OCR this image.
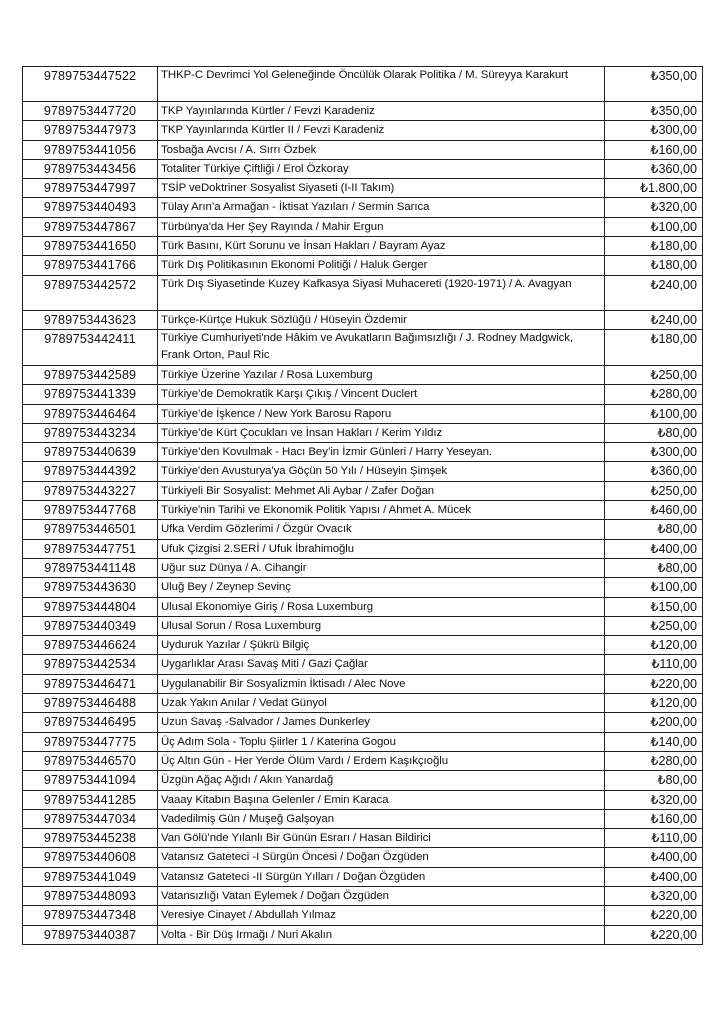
9789753447522	THKP-C Devrimci Yol Geleneğinde Öncülük Olarak Politika / M. Süreyya Karakurt	₺350,00
9789753447720	TKP Yayınlarında Kürtler / Fevzi Karadeniz	₺350,00
9789753447973	TKP Yayınlarında Kürtler II / Fevzi Karadeniz	₺300,00
9789753441056	Tosbağa Avcısı / A. Sırrı Özbek	₺160,00
9789753443456	Totaliter Türkiye Çiftliği / Erol Özkoray	₺360,00
9789753447997	TSİP veDoktriner Sosyalist Siyaseti (I-II Takım)	₺1.800,00
9789753440493	Tülay Arın’a Armağan - İktisat Yazıları / Sermin Sarıca	₺320,00
9789753447867	Türbünya'da Her Şey Rayında / Mahir Ergun	₺100,00
9789753441650	Türk Basını, Kürt Sorunu ve İnsan Hakları / Bayram Ayaz	₺180,00
9789753441766	Türk Dış Politikasının Ekonomi Politiği / Haluk Gerger	₺180,00
9789753442572	Türk Dış Siyasetinde Kuzey Kafkasya Siyasi Muhacereti (1920-1971) / A. Avagyan	₺240,00
9789753443623	Türkçe-Kürtçe Hukuk Sözlüğü / Hüseyin Özdemir	₺240,00
9789753442411	Türkiye Cumhuriyeti'nde Hâkim ve Avukatların Bağımsızlığı / J. Rodney Madgwick, Frank Orton, Paul Ric	₺180,00
9789753442589	Türkiye Üzerine Yazılar / Rosa Luxemburg	₺250,00
9789753441339	Türkiye’de Demokratik Karşı Çıkış / Vincent Duclert	₺280,00
9789753446464	Türkiye’de İşkence / New York Barosu Raporu	₺100,00
9789753443234	Türkiye’de Kürt Çocukları ve İnsan Hakları / Kerim Yıldız	₺80,00
9789753440639	Türkiye’den Kovulmak - Hacı Bey’in İzmir Günleri / Harry Yeseyan.	₺300,00
9789753444392	Türkiye'den Avusturya'ya Göçün 50 Yılı / Hüseyin Şimşek	₺360,00
9789753443227	Türkiyeli Bir Sosyalist: Mehmet Ali Aybar / Zafer Doğan	₺250,00
9789753447768	Türkiye'nin Tarihi ve Ekonomik Politik Yapısı / Ahmet A. Mücek	₺460,00
9789753446501	Ufka Verdim Gözlerimi / Özgür Ovacık	₺80,00
9789753447751	Ufuk Çizgisi 2.SERİ / Ufuk İbrahimoğlu	₺400,00
9789753441148	Uğur suz Dünya / A. Cihangir	₺80,00
9789753443630	Uluğ Bey / Zeynep Sevinç	₺100,00
9789753444804	Ulusal Ekonomiye Giriş / Rosa Luxemburg	₺150,00
9789753440349	Ulusal Sorun / Rosa Luxemburg	₺250,00
9789753446624	Uyduruk Yazılar / Şükrü Bilgiç	₺120,00
9789753442534	Uygarlıklar Arası Savaş Miti / Gazi Çağlar	₺110,00
9789753446471	Uygulanabilir Bir Sosyalizmin İktisadı / Alec Nove	₺220,00
9789753446488	Uzak Yakın Anılar / Vedat Günyol	₺120,00
9789753446495	Uzun Savaş -Salvador / James Dunkerley	₺200,00
9789753447775	Üç Adım Sola - Toplu Şiirler 1 / Katerina Gogou	₺140,00
9789753446570	Üç Altın Gün - Her Yerde Ölüm Vardı / Erdem Kaşıkçıoğlu	₺280,00
9789753441094	Üzgün Ağaç Ağıdı / Akın Yanardağ	₺80,00
9789753441285	Vaaay Kitabın Başına Gelenler / Emin Karaca	₺320,00
9789753447034	Vadedilmiş Gün / Muşeğ Galşoyan	₺160,00
9789753445238	Van Gölü’nde Yılanlı Bir Günün Esrarı / Hasan Bildirici	₺110,00
9789753440608	Vatansız Gateteci -I Sürgün Öncesi / Doğan Özgüden	₺400,00
9789753441049	Vatansız Gateteci -II Sürgün Yılları / Doğan Özgüden	₺400,00
9789753448093	Vatansızlığı Vatan Eylemek / Doğan Özgüden	₺320,00
9789753447348	Veresiye Cinayet / Abdullah Yılmaz	₺220,00
9789753440387	Volta - Bir Düş Irmağı / Nuri Akalın	₺220,00
